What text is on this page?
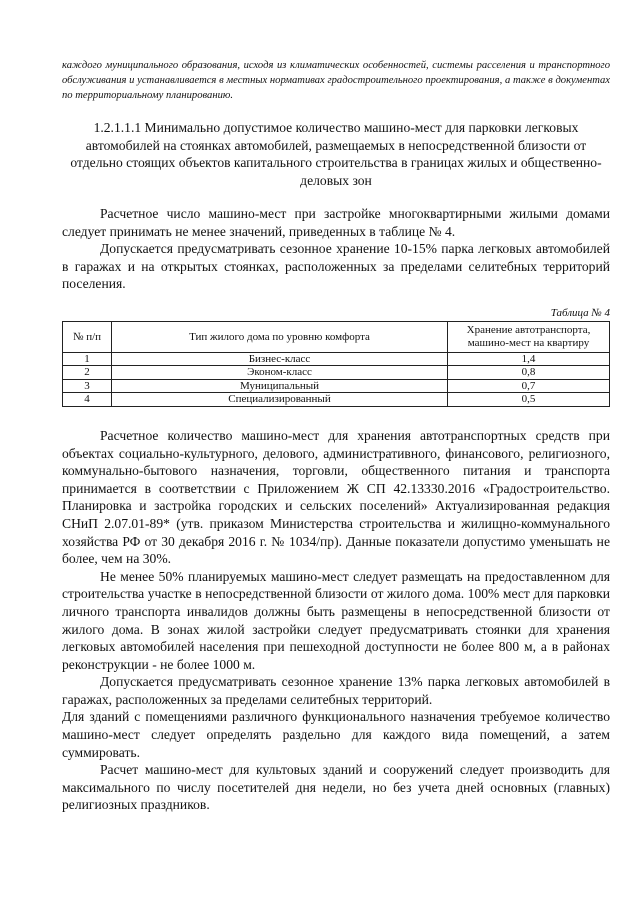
каждого муниципального образования, исходя из климатических особенностей, системы расселения и транспортного обслуживания и устанавливается в местных нормативах градостроительного проектирования, а также в документах по территориальному планированию.

1.2.1.1.1 Минимально допустимое количество машино-мест для парковки легковых автомобилей на стоянках автомобилей, размещаемых в непосредственной близости от отдельно стоящих объектов капитального строительства в границах жилых и общественно-деловых зон

Расчетное число машино-мест при застройке многоквартирными жилыми домами следует принимать не менее значений, приведенных в таблице № 4.

Допускается предусматривать сезонное хранение 10-15% парка легковых автомобилей в гаражах и на открытых стоянках, расположенных за пределами селитебных территорий поселения.

Таблица № 4
№ п/п	Тип жилого дома по уровню комфорта	Хранение автотранспорта, машино-мест на квартиру
1	Бизнес-класс	1,4
2	Эконом-класс	0,8
3	Муниципальный	0,7
4	Специализированный	0,5

Расчетное количество машино-мест для хранения автотранспортных средств при объектах социально-культурного, делового, административного, финансового, религиозного, коммунально-бытового назначения, торговли, общественного питания и транспорта принимается в соответствии с Приложением Ж СП 42.13330.2016 «Градостроительство. Планировка и застройка городских и сельских поселений» Актуализированная редакция СНиП 2.07.01-89* (утв. приказом Министерства строительства и жилищно-коммунального хозяйства РФ от 30 декабря 2016 г. № 1034/пр). Данные показатели допустимо уменьшать не более, чем на 30%.

Не менее 50% планируемых машино-мест следует размещать на предоставленном для строительства участке в непосредственной близости от жилого дома. 100% мест для парковки личного транспорта инвалидов должны быть размещены в непосредственной близости от жилого дома. В зонах жилой застройки следует предусматривать стоянки для хранения легковых автомобилей населения при пешеходной доступности не более 800 м, а в районах реконструкции - не более 1000 м.

Допускается предусматривать сезонное хранение 13% парка легковых автомобилей в гаражах, расположенных за пределами селитебных территорий.

Для зданий с помещениями различного функционального назначения требуемое количество машино-мест следует определять раздельно для каждого вида помещений, а затем суммировать.

Расчет машино-мест для культовых зданий и сооружений следует производить для максимального по числу посетителей дня недели, но без учета дней основных (главных) религиозных праздников.
